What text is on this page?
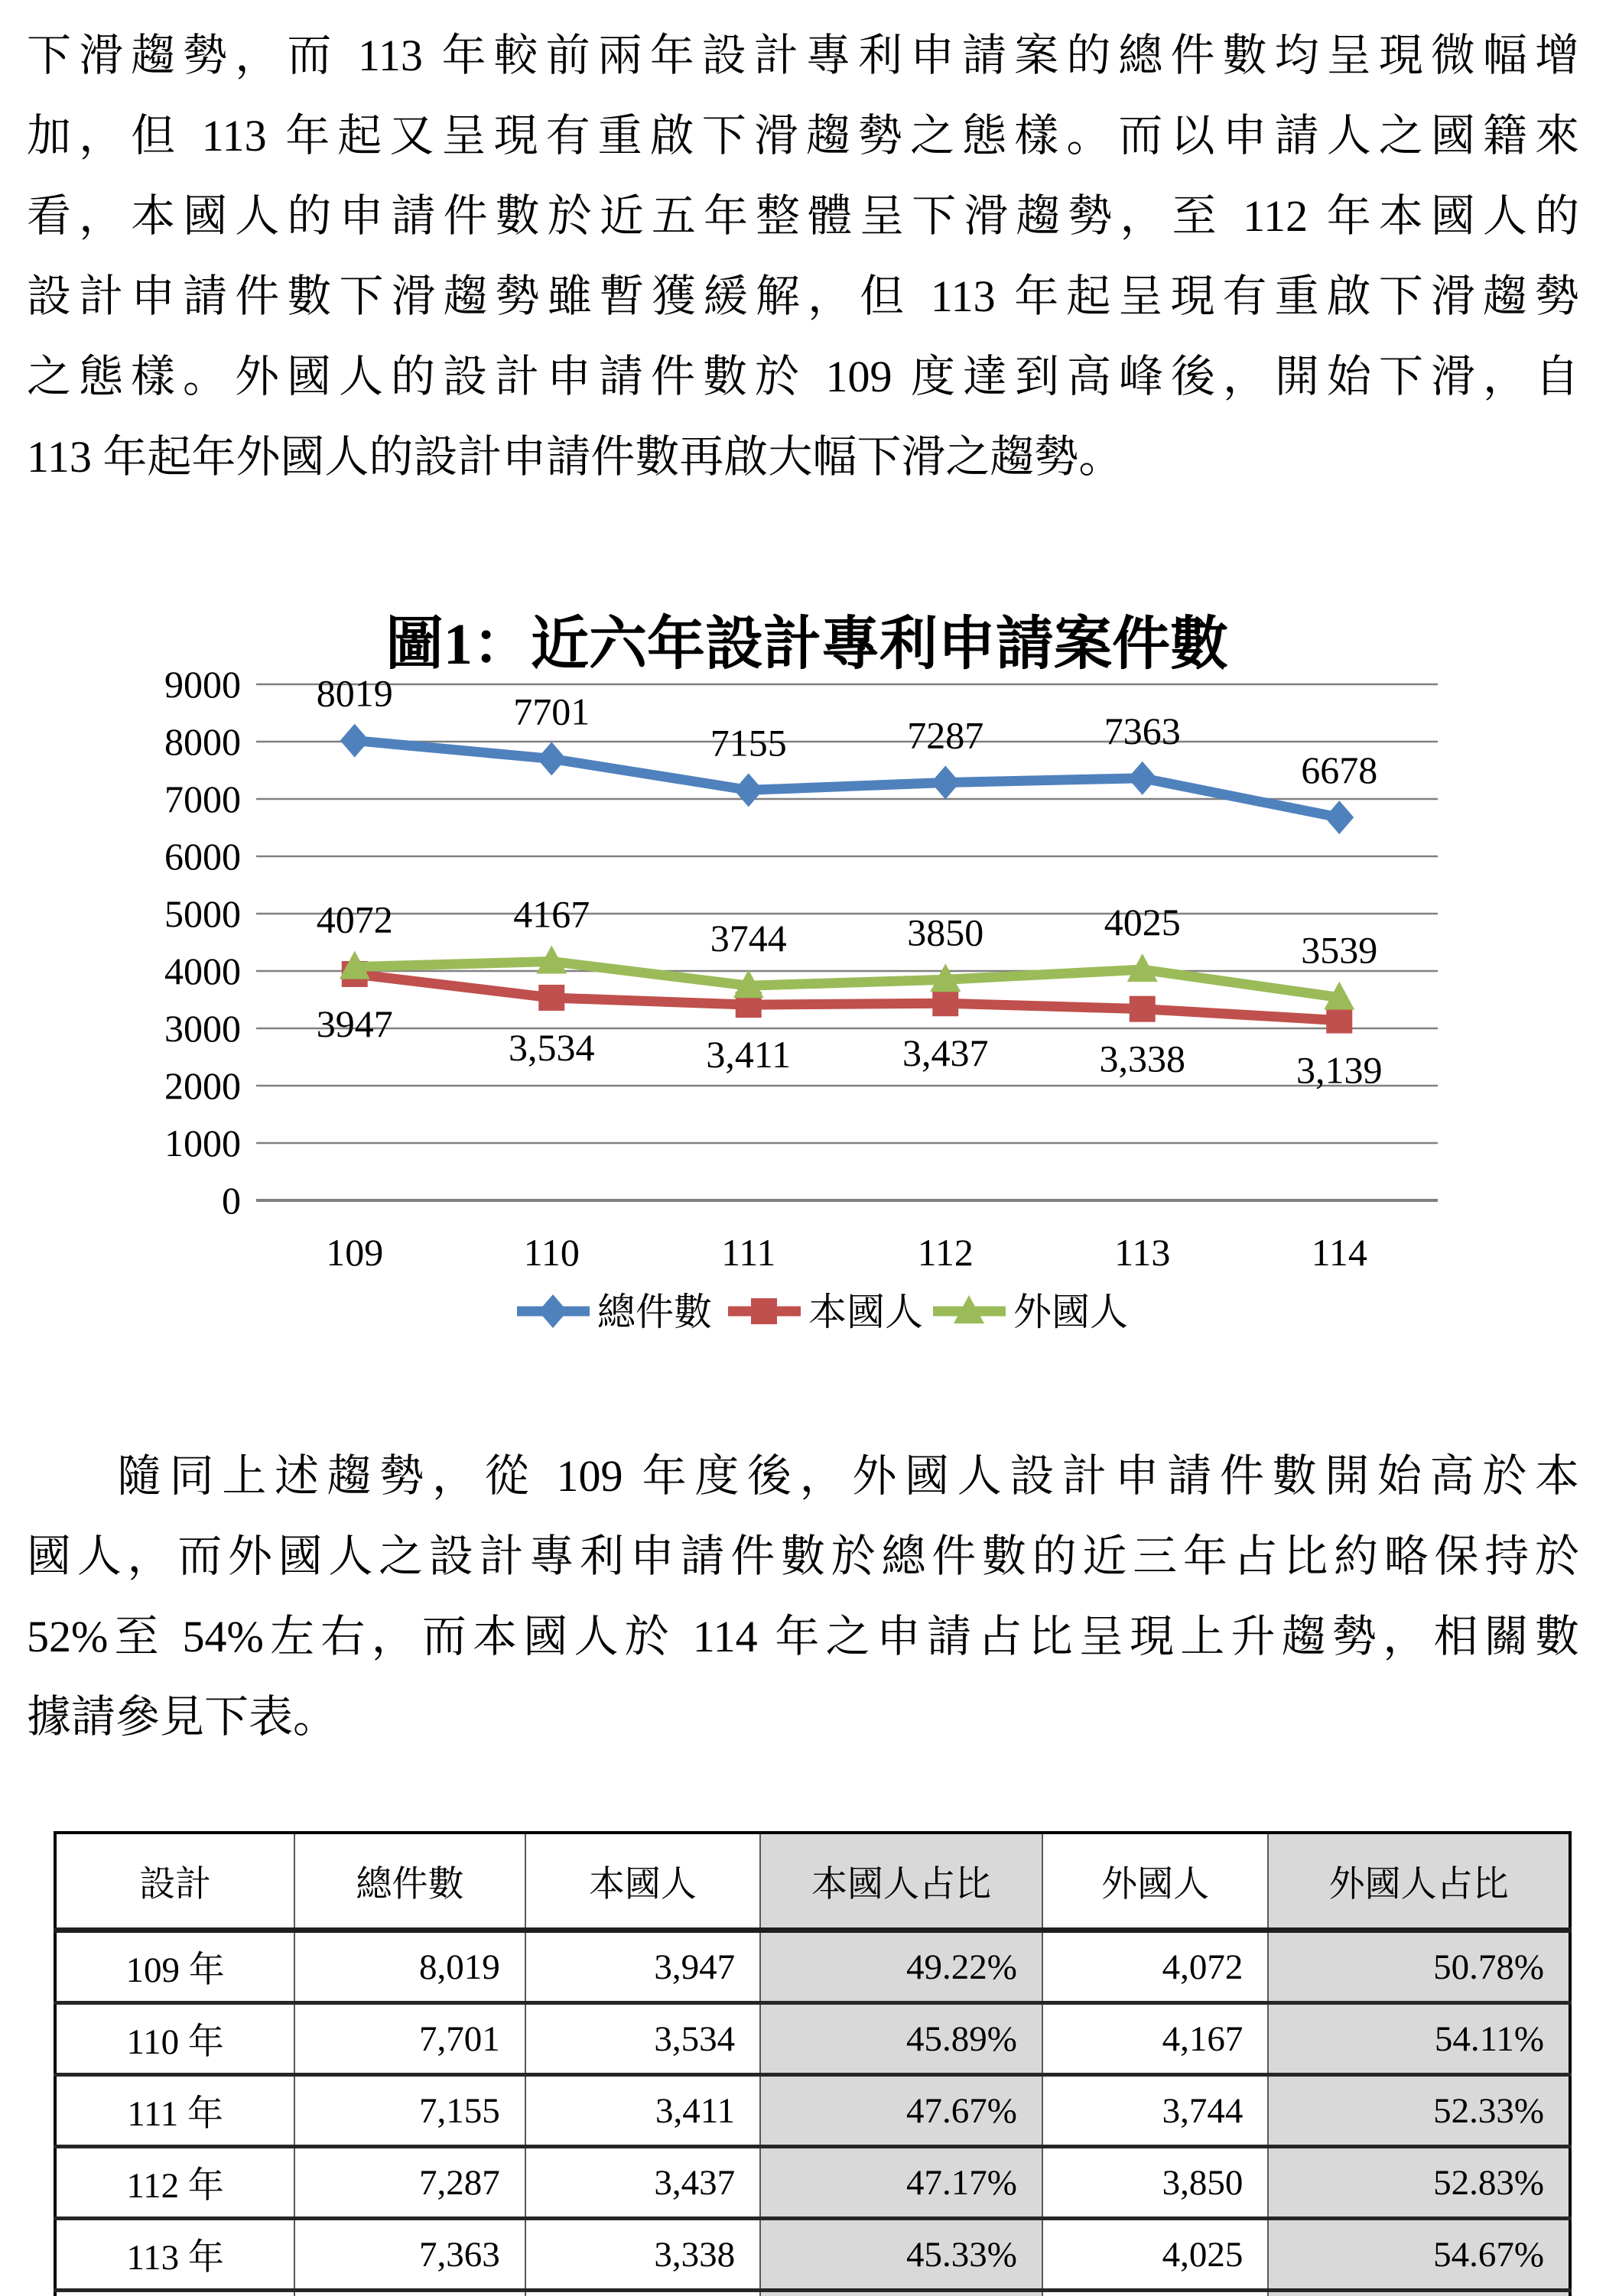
下滑趨勢，而 113 年較前兩年設計專利申請案的總件數均呈現微幅增
加，但 113 年起又呈現有重啟下滑趨勢之態樣。而以申請人之國籍來
看，本國人的申請件數於近五年整體呈下滑趨勢，至 112 年本國人的
設計申請件數下滑趨勢雖暫獲緩解，但 113 年起呈現有重啟下滑趨勢
之態樣。外國人的設計申請件數於 109 度達到高峰後，開始下滑，自
113 年起年外國人的設計申請件數再啟大幅下滑之趨勢。
圖1：近六年設計專利申請案件數
9000
8000
7000
6000
5000
4000
3000
2000
1000
0
109	110	111	112	113	114
8019	7701
7155	7287	7363
6678
3947
3,534	3,411	3,437	3,338	3,139
4072	4167
3744	3850	4025
3539
總件數	本國人 外國人
隨同上述趨勢，從 109 年度後，外國人設計申請件數開始高於本
國人，而外國人之設計專利申請件數於總件數的近三年占比約略保持於
52%至 54%左右，而本國人於 114 年之申請占比呈現上升趨勢，相關數
據請參見下表。
設計	總件數	本國人	本國人占比	外國人	外國人占比
109 年	8,019	3,947	49.22%	4,072	50.78%
110 年	7,701	3,534	45.89%	4,167	54.11%
111 年	7,155	3,411	47.67%	3,744	52.33%
112 年	7,287	3,437	47.17%	3,850	52.83%
113 年	7,363	3,338	45.33%	4,025	54.67%
